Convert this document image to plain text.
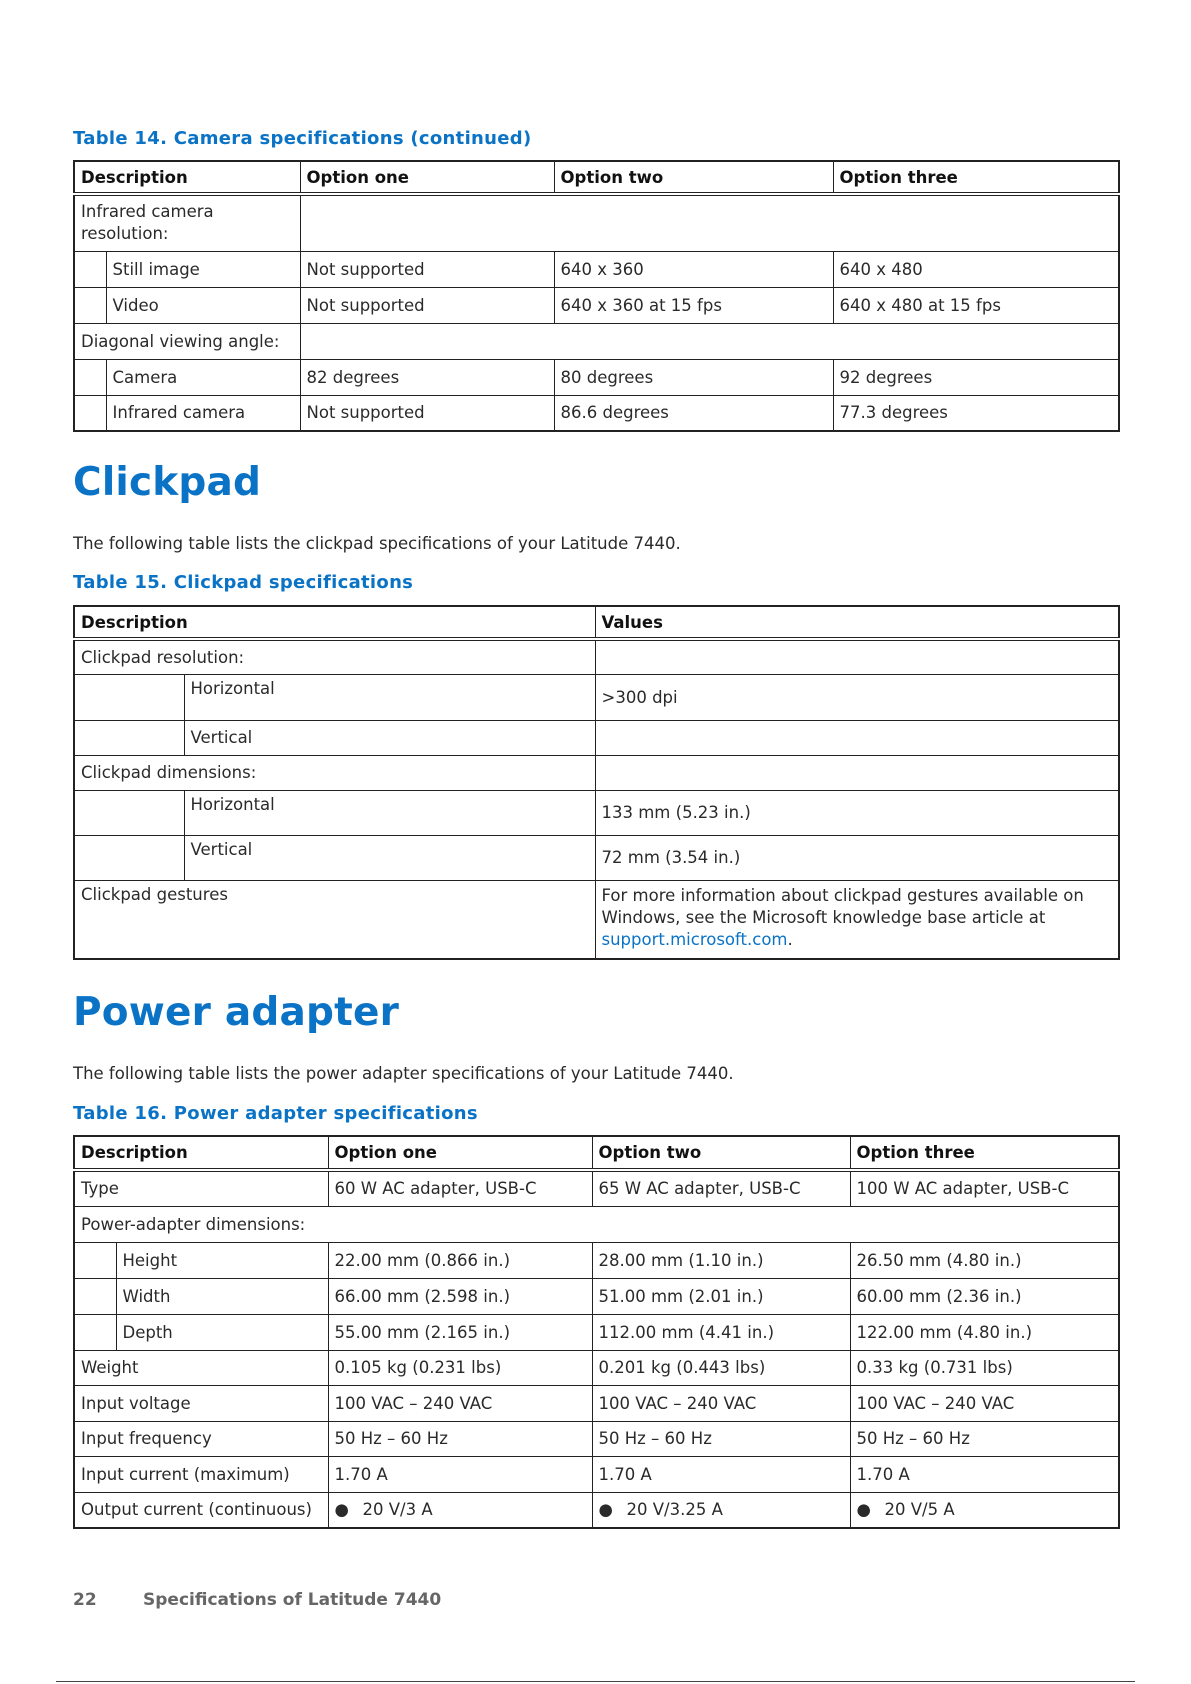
Table 14. Camera specifications (continued)
Description		Option one	Option two	Option three
Infrared camera resolution:				
	Still image	Not supported	640 x 360	640 x 480
	Video	Not supported	640 x 360 at 15 fps	640 x 480 at 15 fps
Diagonal viewing angle:				
	Camera	82 degrees	80 degrees	92 degrees
	Infrared camera	Not supported	86.6 degrees	77.3 degrees
Clickpad
The following table lists the clickpad specifications of your Latitude 7440.
Table 15. Clickpad specifications
Description		Values
Clickpad resolution:		
	Horizontal	>300 dpi
	Vertical	
Clickpad dimensions:		
	Horizontal	133 mm (5.23 in.)
	Vertical	72 mm (3.54 in.)
Clickpad gestures		For more information about clickpad gestures available on Windows, see the Microsoft knowledge base article at support.microsoft.com.
Power adapter
The following table lists the power adapter specifications of your Latitude 7440.
Table 16. Power adapter specifications
Description		Option one	Option two	Option three
Type		60 W AC adapter, USB-C	65 W AC adapter, USB-C	100 W AC adapter, USB-C
Power-adapter dimensions:				
	Height	22.00 mm (0.866 in.)	28.00 mm (1.10 in.)	26.50 mm (4.80 in.)
	Width	66.00 mm (2.598 in.)	51.00 mm (2.01 in.)	60.00 mm (2.36 in.)
	Depth	55.00 mm (2.165 in.)	112.00 mm (4.41 in.)	122.00 mm (4.80 in.)
Weight		0.105 kg (0.231 lbs)	0.201 kg (0.443 lbs)	0.33 kg (0.731 lbs)
Input voltage		100 VAC – 240 VAC	100 VAC – 240 VAC	100 VAC – 240 VAC
Input frequency		50 Hz – 60 Hz	50 Hz – 60 Hz	50 Hz – 60 Hz
Input current (maximum)		1.70 A	1.70 A	1.70 A
Output current (continuous)		● 20 V/3 A	● 20 V/3.25 A	● 20 V/5 A
22	Specifications of Latitude 7440
